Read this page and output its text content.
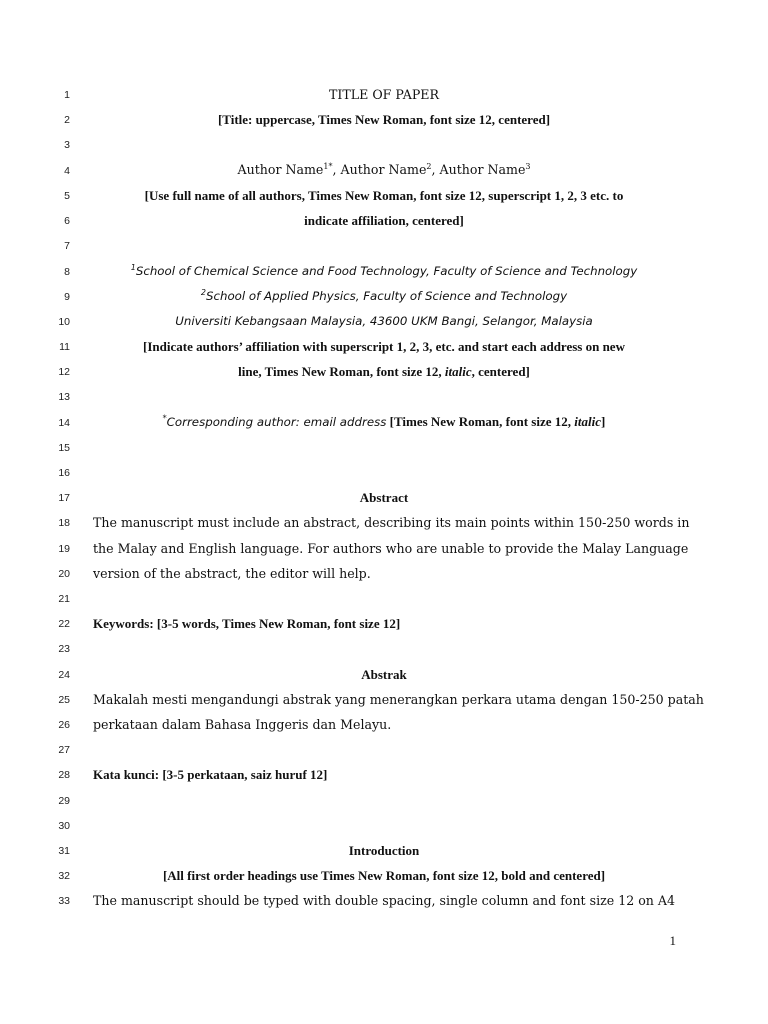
1
2
3
4
5
6
7
8
9
10
11
12
13
14
15
16
17
18
19
20
21
22
23
24
25
26
27
28
29
30
31
32
33
TITLE OF PAPER
[Title: uppercase, Times New Roman, font size 12, centered]
Author Name$^{1*}$, Author Name$^2$, Author Name$^3$
[Use full name of all authors, Times New Roman, font size 12, superscript 1, 2, 3 etc. to
indicate affiliation, centered]
$^1$School of Chemical Science and Food Technology, Faculty of Science and Technology
$^2$School of Applied Physics, Faculty of Science and Technology
Universiti Kebangsaan Malaysia, 43600 UKM Bangi, Selangor, Malaysia
[Indicate authors’ affiliation with superscript 1, 2, 3, etc. and start each address on new
line, Times New Roman, font size 12, italic, centered]
*Corresponding author: email address [Times New Roman, font size 12, italic]
Abstract
The manuscript must include an abstract, describing its main points within 150-250 words in
the Malay and English language. For authors who are unable to provide the Malay Language
version of the abstract, the editor will help.
Keywords: [3-5 words, Times New Roman, font size 12]
Abstrak
Makalah mesti mengandungi abstrak yang menerangkan perkara utama dengan 150-250 patah
perkataan dalam Bahasa Inggeris dan Melayu.
Kata kunci: [3-5 perkataan, saiz huruf 12]
Introduction
[All first order headings use Times New Roman, font size 12, bold and centered]
The manuscript should be typed with double spacing, single column and font size 12 on A4
1
